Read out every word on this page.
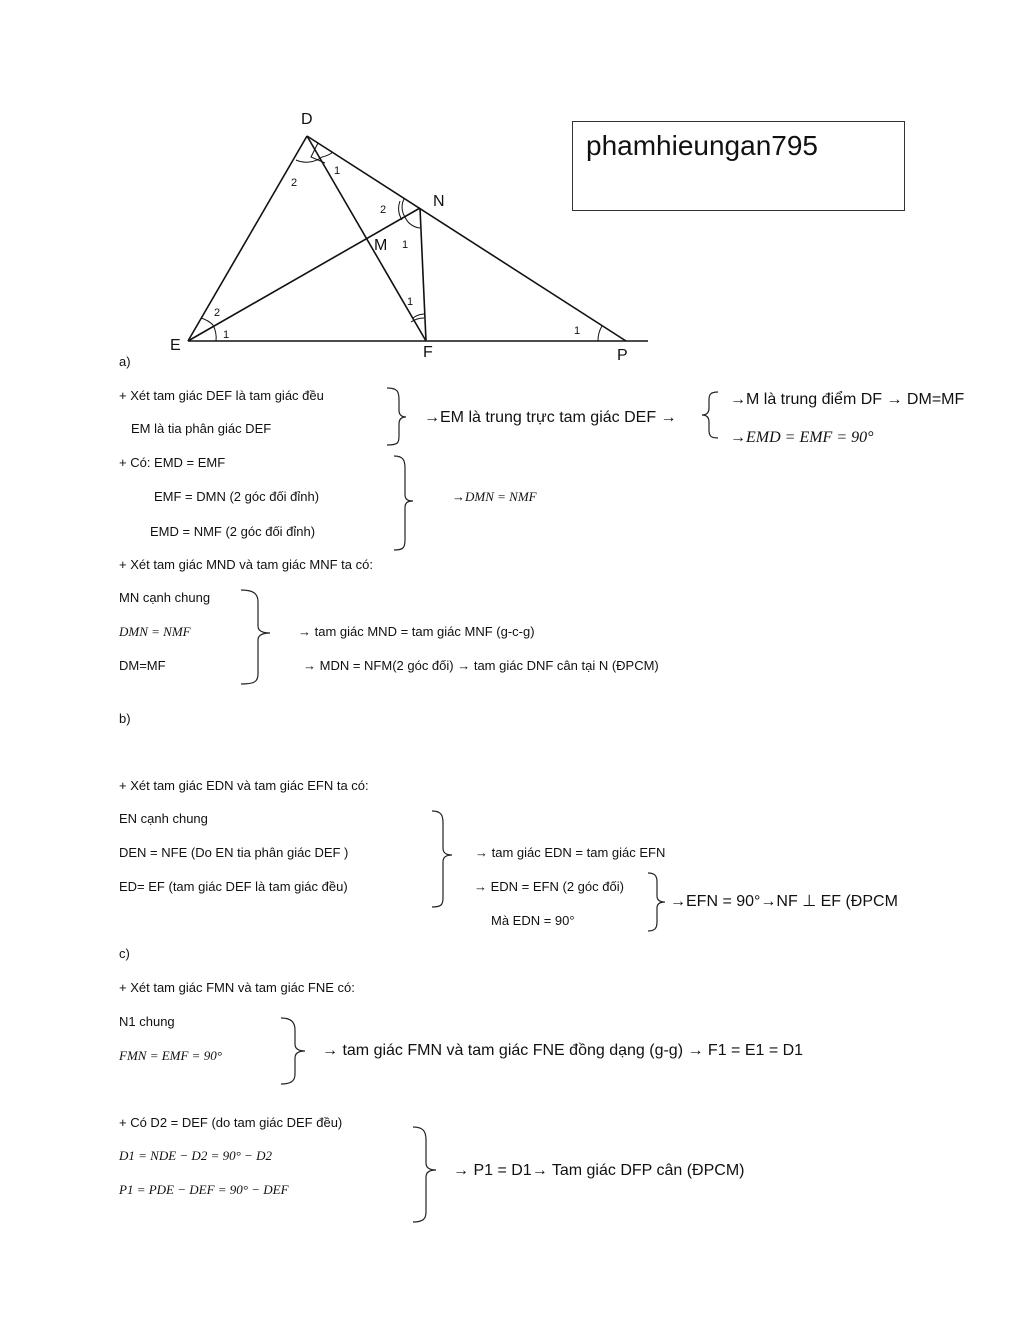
D
E	F
N
M
P
2
1
2
1
1
2
1	1
phamhieungan795
a)
+ Xét tam giác DEF là tam giác đều
EM là tia phân giác DEF
→EM là trung trực tam giác DEF →
→M là trung điểm DF → DM=MF
→EMD = EMF = 90°
+ Có: EMD = EMF
EMF = DMN (2 góc đối đỉnh)
EMD = NMF (2 góc đối đỉnh)
→DMN = NMF
+ Xét tam giác MND và tam giác MNF ta có:
MN cạnh chung
DMN = NMF
DM=MF
→ tam giác MND = tam giác MNF (g-c-g)
→ MDN = NFM(2 góc đối) → tam giác DNF cân tại N (ĐPCM)
b)
+ Xét tam giác EDN và tam giác EFN ta có:
EN cạnh chung
DEN = NFE (Do EN tia phân giác DEF )
ED= EF (tam giác DEF là tam giác đều)
→ tam giác EDN = tam giác EFN
→ EDN = EFN (2 góc đối)
Mà EDN = 90°
→EFN = 90°→NF ⊥ EF (ĐPCM
c)
+ Xét tam giác FMN và tam giác FNE có:
N1 chung
FMN = EMF = 90°	→ tam giác FMN và tam giác FNE đồng dạng (g-g) → F1 = E1 = D1
+ Có D2 = DEF (do tam giác DEF đều)
D1 = NDE − D2 = 90° − D2
P1 = PDE − DEF = 90° − DEF
→ P1 = D1→ Tam giác DFP cân (ĐPCM)
